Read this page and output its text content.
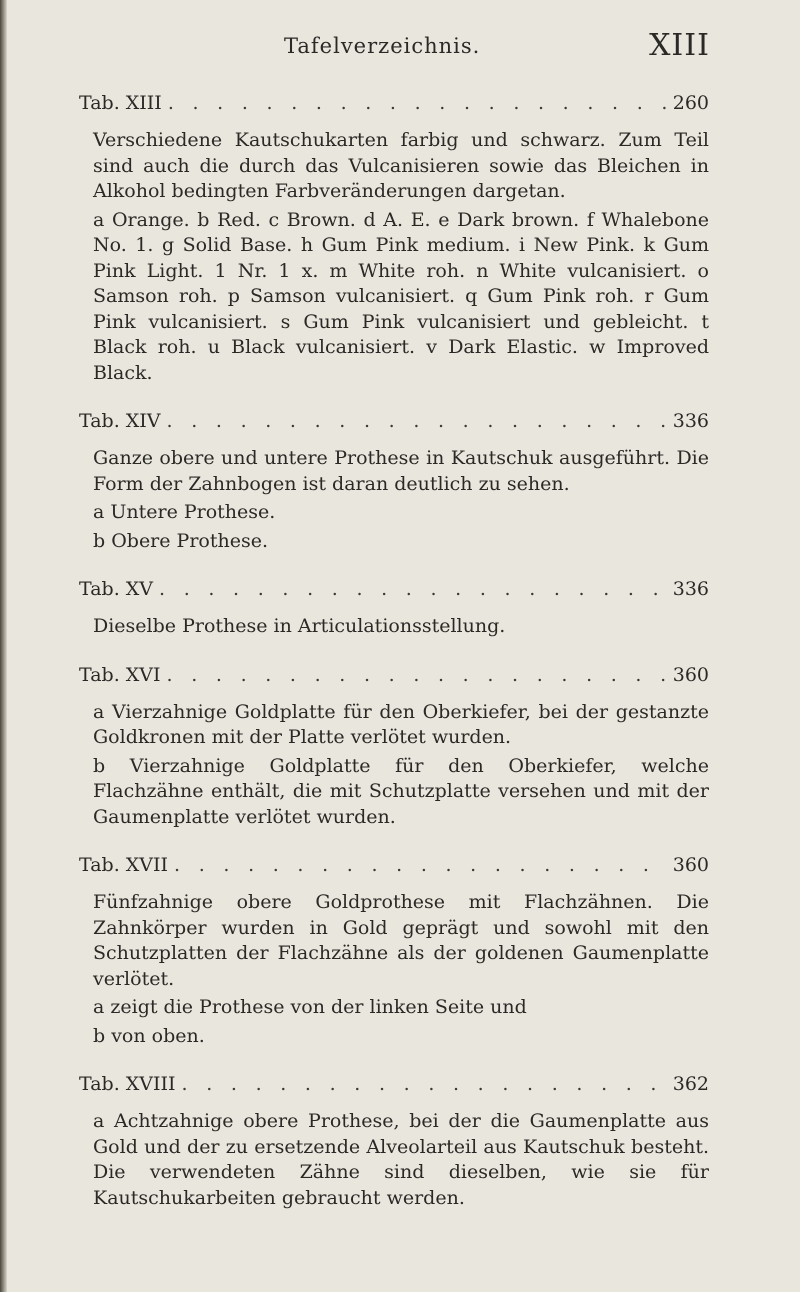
Tafelverzeichnis.	XIII
Tab. XIII . . .	260

Verschiedene Kautschukarten farbig und schwarz. Zum Teil sind auch die durch das Vulcanisieren sowie das Bleichen in Alkohol bedingten Farbveränderungen dargetan.

a Orange. b Red. c Brown. d A. E. e Dark brown. f Whalebone No. 1. g Solid Base. h Gum Pink medium. i New Pink. k Gum Pink Light. 1 Nr. 1 x. m White roh. n White vulcanisiert. o Samson roh. p Samson vulcanisiert. q Gum Pink roh. r Gum Pink vulcanisiert. s Gum Pink vulcanisiert und gebleicht. t Black roh. u Black vulcanisiert. v Dark Elastic. w Improved Black.

Tab. XIV . . .	336

Ganze obere und untere Prothese in Kautschuk ausgeführt. Die Form der Zahnbogen ist daran deutlich zu sehen.

a Untere Prothese.

b Obere Prothese.

Tab. XV . . .	336

Dieselbe Prothese in Articulationsstellung.

Tab. XVI . . .	360

a Vierzahnige Goldplatte für den Oberkiefer, bei der gestanzte Goldkronen mit der Platte verlötet wurden.

b Vierzahnige Goldplatte für den Oberkiefer, welche Flachzähne enthält, die mit Schutzplatte versehen und mit der Gaumenplatte verlötet wurden.

Tab. XVII . . .	360

Fünfzahnige obere Goldprothese mit Flachzähnen. Die Zahnkörper wurden in Gold geprägt und sowohl mit den Schutzplatten der Flachzähne als der goldenen Gaumenplatte verlötet.

a zeigt die Prothese von der linken Seite und

b von oben.

Tab. XVIII . . .	362

a Achtzahnige obere Prothese, bei der die Gaumenplatte aus Gold und der zu ersetzende Alveolarteil aus Kautschuk besteht. Die verwendeten Zähne sind dieselben, wie sie für Kautschukarbeiten gebraucht werden.
